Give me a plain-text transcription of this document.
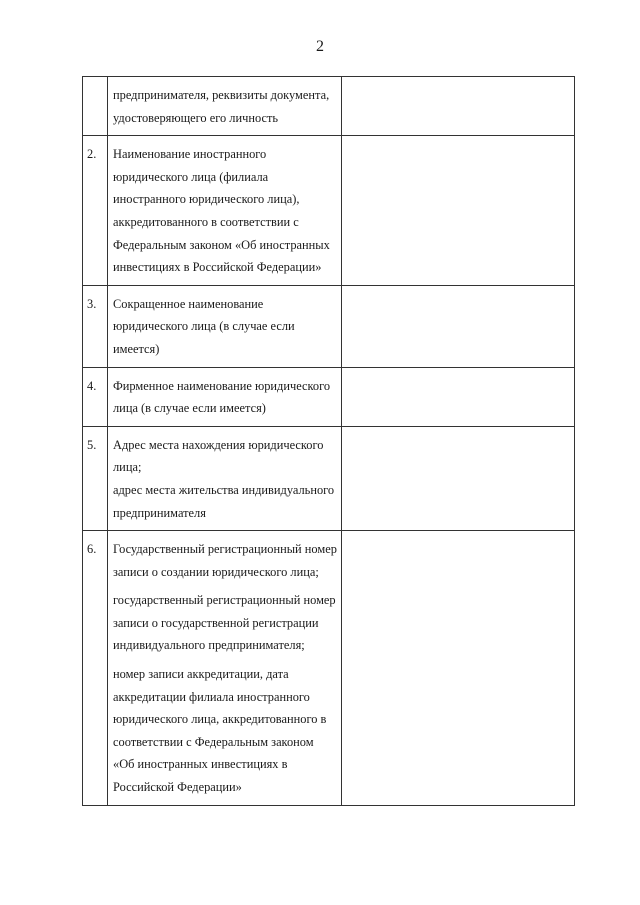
2

	предпринимателя, реквизиты документа, удостоверяющего его личность	

2.	Наименование иностранного юридического лица (филиала иностранного юридического лица), аккредитованного в соответствии с Федеральным законом «Об иностранных инвестициях в Российской Федерации»	

3.	Сокращенное наименование юридического лица (в случае если имеется)	

4.	Фирменное наименование юридического лица (в случае если имеется)	

5.	Адрес места нахождения юридического лица;
адрес места жительства индивидуального предпринимателя	

6.	Государственный регистрационный номер записи о создании юридического лица;
государственный регистрационный номер записи о государственной регистрации индивидуального предпринимателя;
номер записи аккредитации, дата аккредитации филиала иностранного юридического лица, аккредитованного в соответствии с Федеральным законом «Об иностранных инвестициях в Российской Федерации»	
